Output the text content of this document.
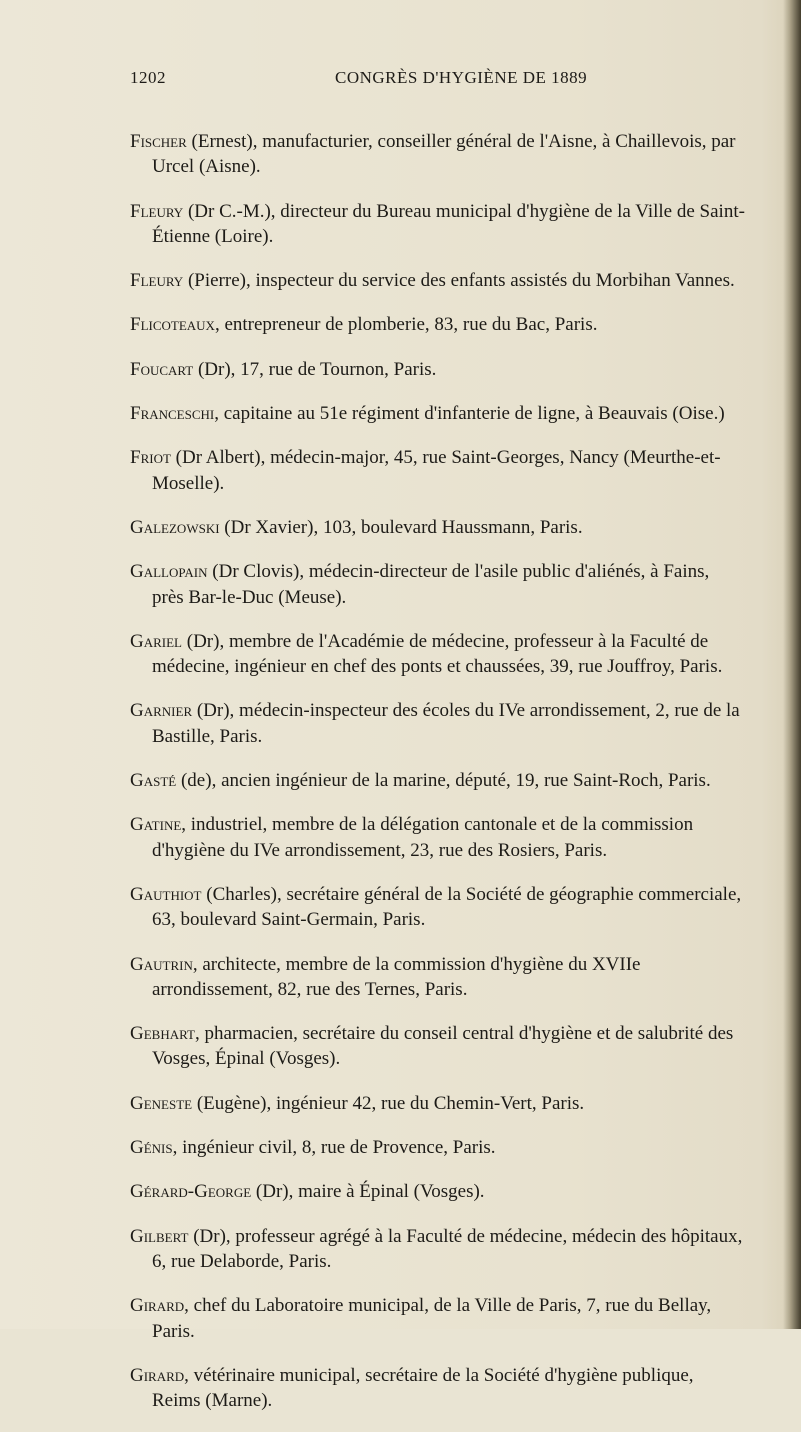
1202	CONGRÈS D'HYGIÈNE DE 1889

Fischer (Ernest), manufacturier, conseiller général de l'Aisne, à Chaillevois, par Urcel (Aisne).

Fleury (Dr C.-M.), directeur du Bureau municipal d'hygiène de la Ville de Saint-Étienne (Loire).

Fleury (Pierre), inspecteur du service des enfants assistés du Morbihan Vannes.

Flicoteaux, entrepreneur de plomberie, 83, rue du Bac, Paris.

Foucart (Dr), 17, rue de Tournon, Paris.

Franceschi, capitaine au 51e régiment d'infanterie de ligne, à Beauvais (Oise.)

Friot (Dr Albert), médecin-major, 45, rue Saint-Georges, Nancy (Meurthe-et-Moselle).

Galezowski (Dr Xavier), 103, boulevard Haussmann, Paris.

Gallopain (Dr Clovis), médecin-directeur de l'asile public d'aliénés, à Fains, près Bar-le-Duc (Meuse).

Gariel (Dr), membre de l'Académie de médecine, professeur à la Faculté de médecine, ingénieur en chef des ponts et chaussées, 39, rue Jouffroy, Paris.

Garnier (Dr), médecin-inspecteur des écoles du IVe arrondissement, 2, rue de la Bastille, Paris.

Gasté (de), ancien ingénieur de la marine, député, 19, rue Saint-Roch, Paris.

Gatine, industriel, membre de la délégation cantonale et de la commission d'hygiène du IVe arrondissement, 23, rue des Rosiers, Paris.

Gauthiot (Charles), secrétaire général de la Société de géographie commerciale, 63, boulevard Saint-Germain, Paris.

Gautrin, architecte, membre de la commission d'hygiène du XVIIe arrondissement, 82, rue des Ternes, Paris.

Gebhart, pharmacien, secrétaire du conseil central d'hygiène et de salubrité des Vosges, Épinal (Vosges).

Geneste (Eugène), ingénieur 42, rue du Chemin-Vert, Paris.

Génis, ingénieur civil, 8, rue de Provence, Paris.

Gérard-George (Dr), maire à Épinal (Vosges).

Gilbert (Dr), professeur agrégé à la Faculté de médecine, médecin des hôpitaux, 6, rue Delaborde, Paris.

Girard, chef du Laboratoire municipal, de la Ville de Paris, 7, rue du Bellay, Paris.

Girard, vétérinaire municipal, secrétaire de la Société d'hygiène publique, Reims (Marne).
